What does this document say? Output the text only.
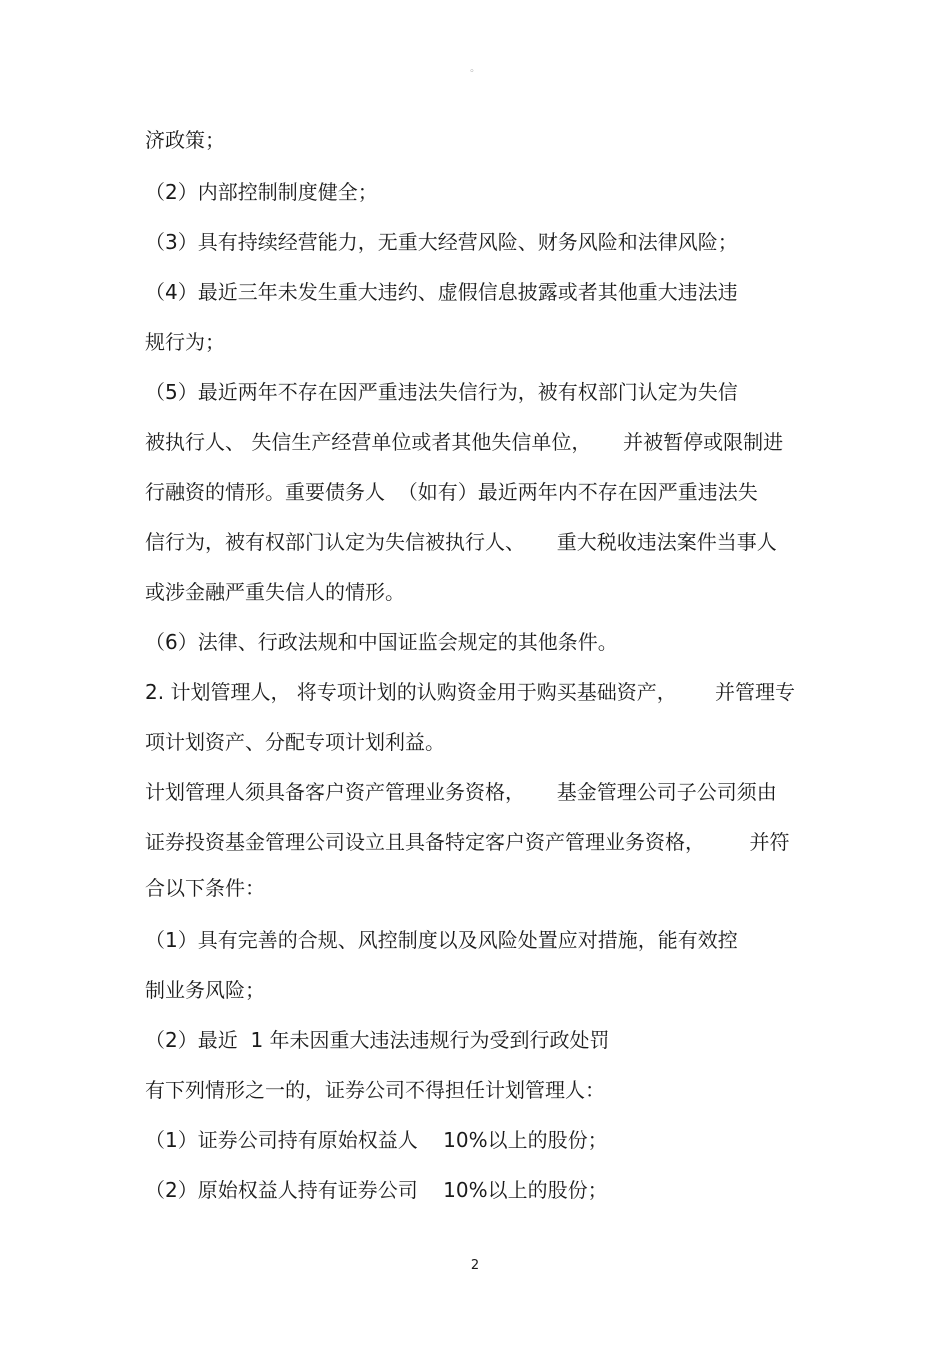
◦
济政策；
（2）内部控制制度健全；
（3）具有持续经营能力，无重大经营风险、财务风险和法律风险；
（4）最近三年未发生重大违约、虚假信息披露或者其他重大违法违
规行为；
（5）最近两年不存在因严重违法失信行为，被有权部门认定为失信
被执行人、 失信生产经营单位或者其他失信单位，     并被暂停或限制进
行融资的情形。重要债务人  （如有）最近两年内不存在因严重违法失
信行为，被有权部门认定为失信被执行人、     重大税收违法案件当事人
或涉金融严重失信人的情形。
（6）法律、行政法规和中国证监会规定的其他条件。
2. 计划管理人， 将专项计划的认购资金用于购买基础资产，      并管理专
项计划资产、分配专项计划利益。
计划管理人须具备客户资产管理业务资格，     基金管理公司子公司须由
证券投资基金管理公司设立且具备特定客户资产管理业务资格，       并符
合以下条件：
（1）具有完善的合规、风控制度以及风险处置应对措施，能有效控
制业务风险；
（2）最近  1 年未因重大违法违规行为受到行政处罚
有下列情形之一的，证券公司不得担任计划管理人：
（1）证券公司持有原始权益人    10%以上的股份；
（2）原始权益人持有证券公司    10%以上的股份；
2
